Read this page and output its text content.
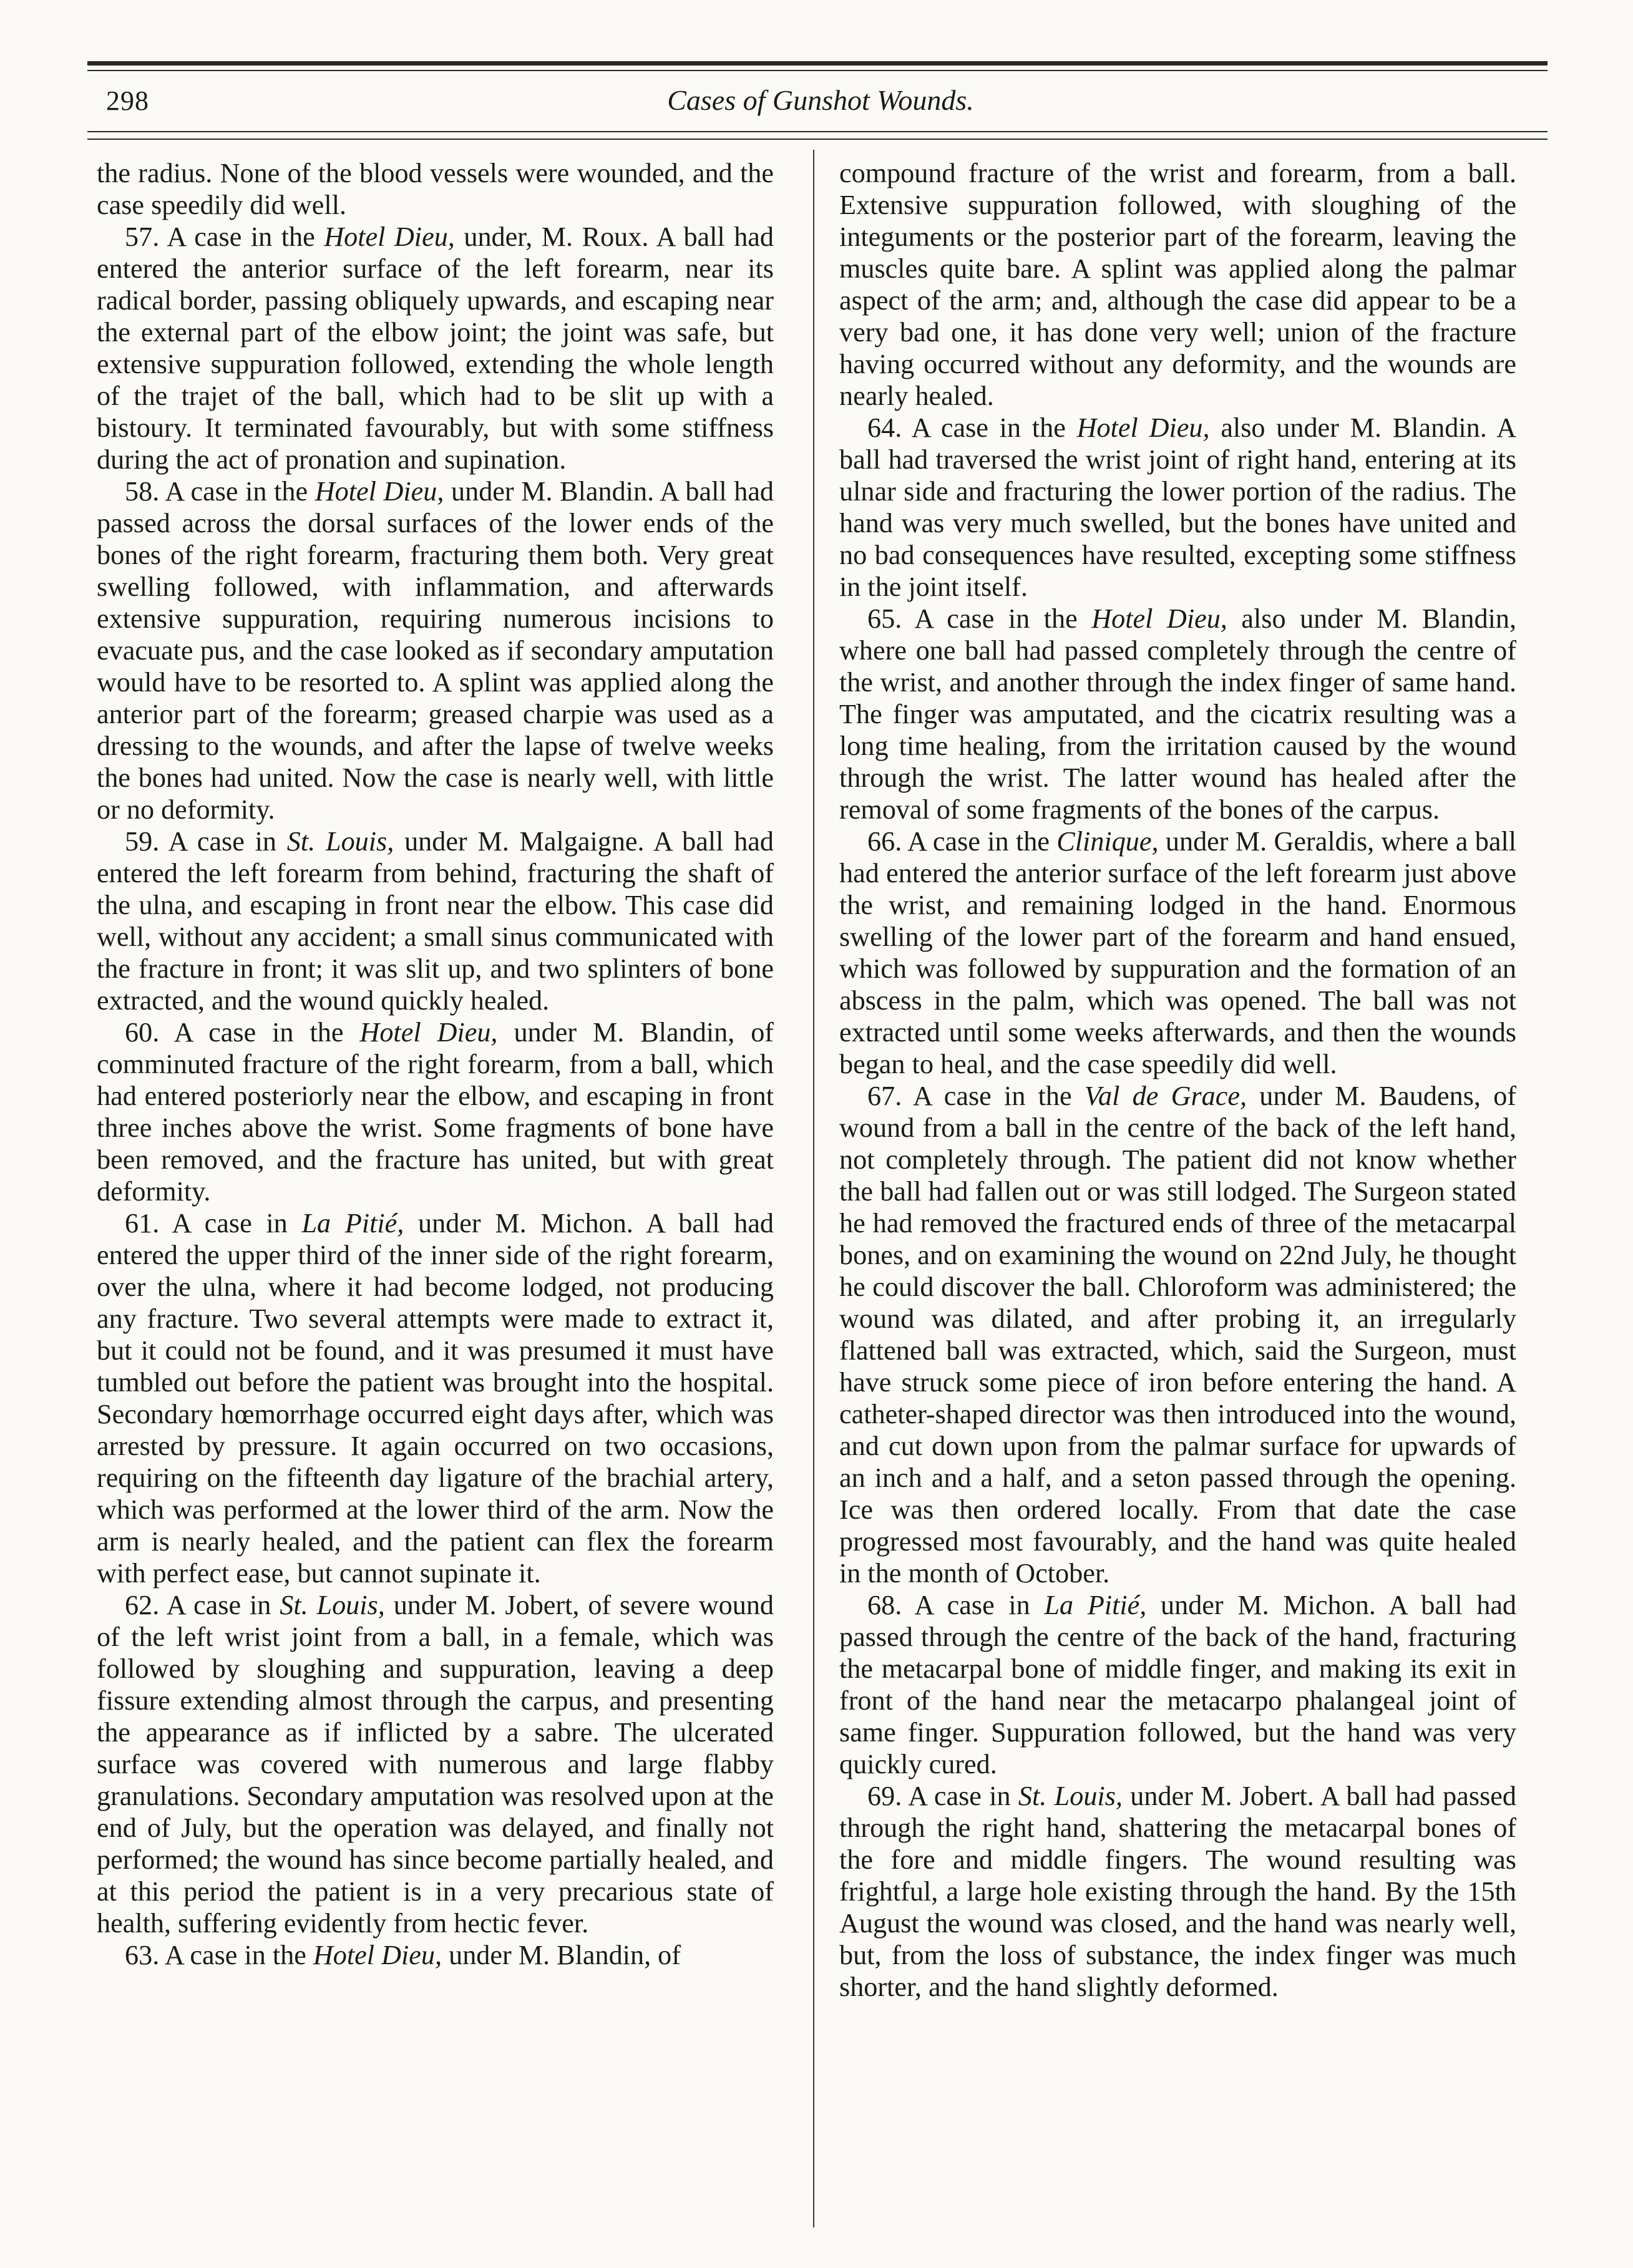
298	Cases of Gunshot Wounds.

the radius. None of the blood vessels were wounded, and the case speedily did well.

57. A case in the Hotel Dieu, under, M. Roux. A ball had entered the anterior surface of the left forearm, near its radical border, passing obliquely upwards, and escaping near the external part of the elbow joint; the joint was safe, but extensive suppuration followed, extending the whole length of the trajet of the ball, which had to be slit up with a bistoury. It terminated favourably, but with some stiffness during the act of pronation and supination.

58. A case in the Hotel Dieu, under M. Blandin. A ball had passed across the dorsal surfaces of the lower ends of the bones of the right forearm, fracturing them both. Very great swelling followed, with inflammation, and afterwards extensive suppuration, requiring numerous incisions to evacuate pus, and the case looked as if secondary amputation would have to be resorted to. A splint was applied along the anterior part of the forearm; greased charpie was used as a dressing to the wounds, and after the lapse of twelve weeks the bones had united. Now the case is nearly well, with little or no deformity.

59. A case in St. Louis, under M. Malgaigne. A ball had entered the left forearm from behind, fracturing the shaft of the ulna, and escaping in front near the elbow. This case did well, without any accident; a small sinus communicated with the fracture in front; it was slit up, and two splinters of bone extracted, and the wound quickly healed.

60. A case in the Hotel Dieu, under M. Blandin, of comminuted fracture of the right forearm, from a ball, which had entered posteriorly near the elbow, and escaping in front three inches above the wrist. Some fragments of bone have been removed, and the fracture has united, but with great deformity.

61. A case in La Pitié, under M. Michon. A ball had entered the upper third of the inner side of the right forearm, over the ulna, where it had become lodged, not producing any fracture. Two several attempts were made to extract it, but it could not be found, and it was presumed it must have tumbled out before the patient was brought into the hospital. Secondary hœmorrhage occurred eight days after, which was arrested by pressure. It again occurred on two occasions, requiring on the fifteenth day ligature of the brachial artery, which was performed at the lower third of the arm. Now the arm is nearly healed, and the patient can flex the forearm with perfect ease, but cannot supinate it.

62. A case in St. Louis, under M. Jobert, of severe wound of the left wrist joint from a ball, in a female, which was followed by sloughing and suppuration, leaving a deep fissure extending almost through the carpus, and presenting the appearance as if inflicted by a sabre. The ulcerated surface was covered with numerous and large flabby granulations. Secondary amputation was resolved upon at the end of July, but the operation was delayed, and finally not performed; the wound has since become partially healed, and at this period the patient is in a very precarious state of health, suffering evidently from hectic fever.

63. A case in the Hotel Dieu, under M. Blandin, of

compound fracture of the wrist and forearm, from a ball. Extensive suppuration followed, with sloughing of the integuments or the posterior part of the forearm, leaving the muscles quite bare. A splint was applied along the palmar aspect of the arm; and, although the case did appear to be a very bad one, it has done very well; union of the fracture having occurred without any deformity, and the wounds are nearly healed.

64. A case in the Hotel Dieu, also under M. Blandin. A ball had traversed the wrist joint of right hand, entering at its ulnar side and fracturing the lower portion of the radius. The hand was very much swelled, but the bones have united and no bad consequences have resulted, excepting some stiffness in the joint itself.

65. A case in the Hotel Dieu, also under M. Blandin, where one ball had passed completely through the centre of the wrist, and another through the index finger of same hand. The finger was amputated, and the cicatrix resulting was a long time healing, from the irritation caused by the wound through the wrist. The latter wound has healed after the removal of some fragments of the bones of the carpus.

66. A case in the Clinique, under M. Geraldis, where a ball had entered the anterior surface of the left forearm just above the wrist, and remaining lodged in the hand. Enormous swelling of the lower part of the forearm and hand ensued, which was followed by suppuration and the formation of an abscess in the palm, which was opened. The ball was not extracted until some weeks afterwards, and then the wounds began to heal, and the case speedily did well.

67. A case in the Val de Grace, under M. Baudens, of wound from a ball in the centre of the back of the left hand, not completely through. The patient did not know whether the ball had fallen out or was still lodged. The Surgeon stated he had removed the fractured ends of three of the metacarpal bones, and on examining the wound on 22nd July, he thought he could discover the ball. Chloroform was administered; the wound was dilated, and after probing it, an irregularly flattened ball was extracted, which, said the Surgeon, must have struck some piece of iron before entering the hand. A catheter-shaped director was then introduced into the wound, and cut down upon from the palmar surface for upwards of an inch and a half, and a seton passed through the opening. Ice was then ordered locally. From that date the case progressed most favourably, and the hand was quite healed in the month of October.

68. A case in La Pitié, under M. Michon. A ball had passed through the centre of the back of the hand, fracturing the metacarpal bone of middle finger, and making its exit in front of the hand near the metacarpo phalangeal joint of same finger. Suppuration followed, but the hand was very quickly cured.

69. A case in St. Louis, under M. Jobert. A ball had passed through the right hand, shattering the metacarpal bones of the fore and middle fingers. The wound resulting was frightful, a large hole existing through the hand. By the 15th August the wound was closed, and the hand was nearly well, but, from the loss of substance, the index finger was much shorter, and the hand slightly deformed.
